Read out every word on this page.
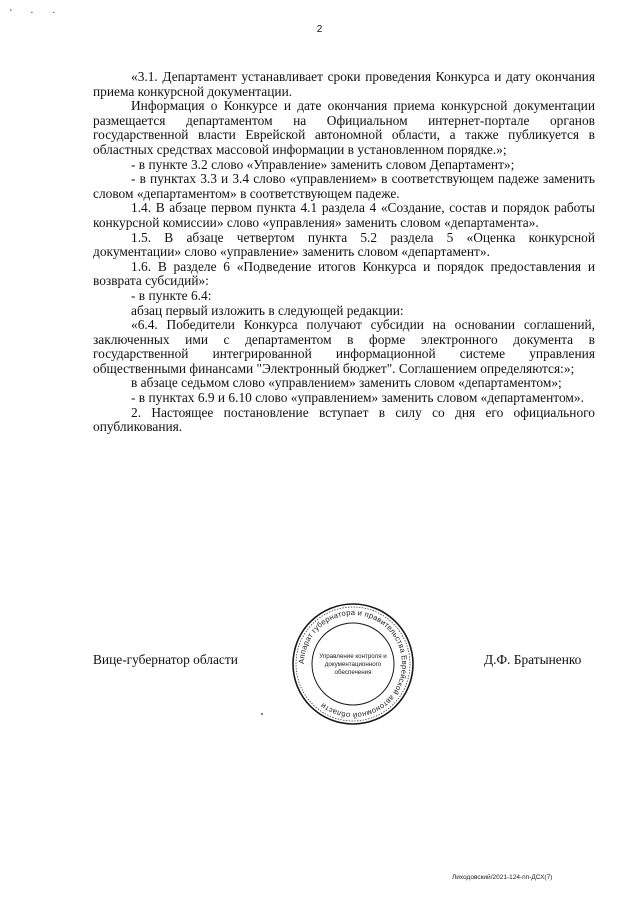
2
' · ·

«3.1. Департамент устанавливает сроки проведения Конкурса и дату окончания приема конкурсной документации.

Информация о Конкурсе и дате окончания приема конкурсной документации размещается департаментом на Официальном интернет-портале органов государственной власти Еврейской автономной области, а также публикуется в областных средствах массовой информации в установленном порядке.»;

- в пункте 3.2 слово «Управление» заменить словом Департамент»;

- в пунктах 3.3 и 3.4 слово «управлением» в соответствующем падеже заменить словом «департаментом» в соответствующем падеже.

1.4. В абзаце первом пункта 4.1 раздела 4 «Создание, состав и порядок работы конкурсной комиссии» слово «управления» заменить словом «департамента».

1.5. В абзаце четвертом пункта 5.2 раздела 5 «Оценка конкурсной документации» слово «управление» заменить словом «департамент».

1.6. В разделе 6 «Подведение итогов Конкурса и порядок предоставления и возврата субсидий»:

- в пункте 6.4:

абзац первый изложить в следующей редакции:

«6.4. Победители Конкурса получают субсидии на основании соглашений, заключенных ими с департаментом в форме электронного документа в государственной интегрированной информационной системе управления общественными финансами "Электронный бюджет". Соглашением определяются:»;

в абзаце седьмом слово «управлением» заменить словом «департаментом»;

- в пунктах 6.9 и 6.10 слово «управлением» заменить словом «департаментом».

2. Настоящее постановление вступает в силу со дня его официального опубликования.

Вице-губернатор области	Д.Ф. Братыненко
Аппарат губернатора и правительства Еврейской автономной области
Управление контроля и
документационного
обеспечения
Лиходовский/2021-124-пп-ДСХ(7)
